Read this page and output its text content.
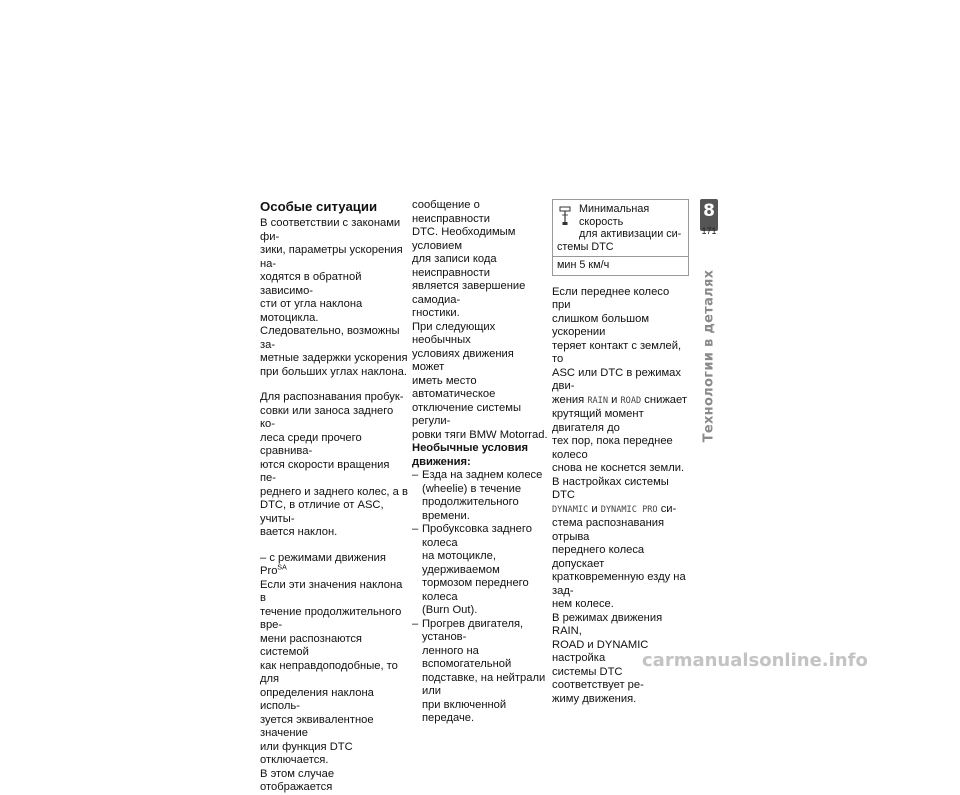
Особые ситуации

В соответствии с законами фи-
зики, параметры ускорения на-
ходятся в обратной зависимо-
сти от угла наклона мотоцикла.
Следовательно, возможны за-
метные задержки ускорения
при больших углах наклона.

Для распознавания пробук-
совки или заноса заднего ко-
леса среди прочего сравнива-
ются скорости вращения пе-
реднего и заднего колес, а в
DTC, в отличие от ASC, учиты-
вается наклон.

– с режимами движения Pro$^{SA}$

Если эти значения наклона в
течение продолжительного вре-
мени распознаются системой
как неправдоподобные, то для
определения наклона исполь-
зуется эквивалентное значение
или функция DTC отключается.
В этом случае отображается

сообщение о неисправности
DTC. Необходимым условием
для записи кода неисправности
является завершение самодиа-
гностики.
При следующих необычных
условиях движения может
иметь место автоматическое
отключение системы регули-
ровки тяги BMW Motorrad.

Необычные условия
движения:

– Езда на заднем колесе
(wheelie) в течение
продолжительного времени.
– Пробуксовка заднего колеса
на мотоцикле, удерживаемом
тормозом переднего колеса
(Burn Out).
– Прогрев двигателя, установ-
ленного на вспомогательной
подставке, на нейтрали или
при включенной передаче.
Минимальная скорость
для активизации си-
стемы DTC
мин 5 км/ч

Если переднее колесо при
слишком большом ускорении
теряет контакт с землей, то
ASC или DTC в режимах дви-
жения RAIN и ROAD снижает
крутящий момент двигателя до
тех пор, пока переднее колесо
снова не коснется земли.
В настройках системы DTC
DYNAMIC и DYNAMIC PRO си-
стема распознавания отрыва
переднего колеса допускает
кратковременную езду на зад-
нем колесе.
В режимах движения RAIN,
ROAD и DYNAMIC настройка
системы DTC соответствует ре-
жиму движения.

8
171
Технологии в деталях
carmanualsonline.info
